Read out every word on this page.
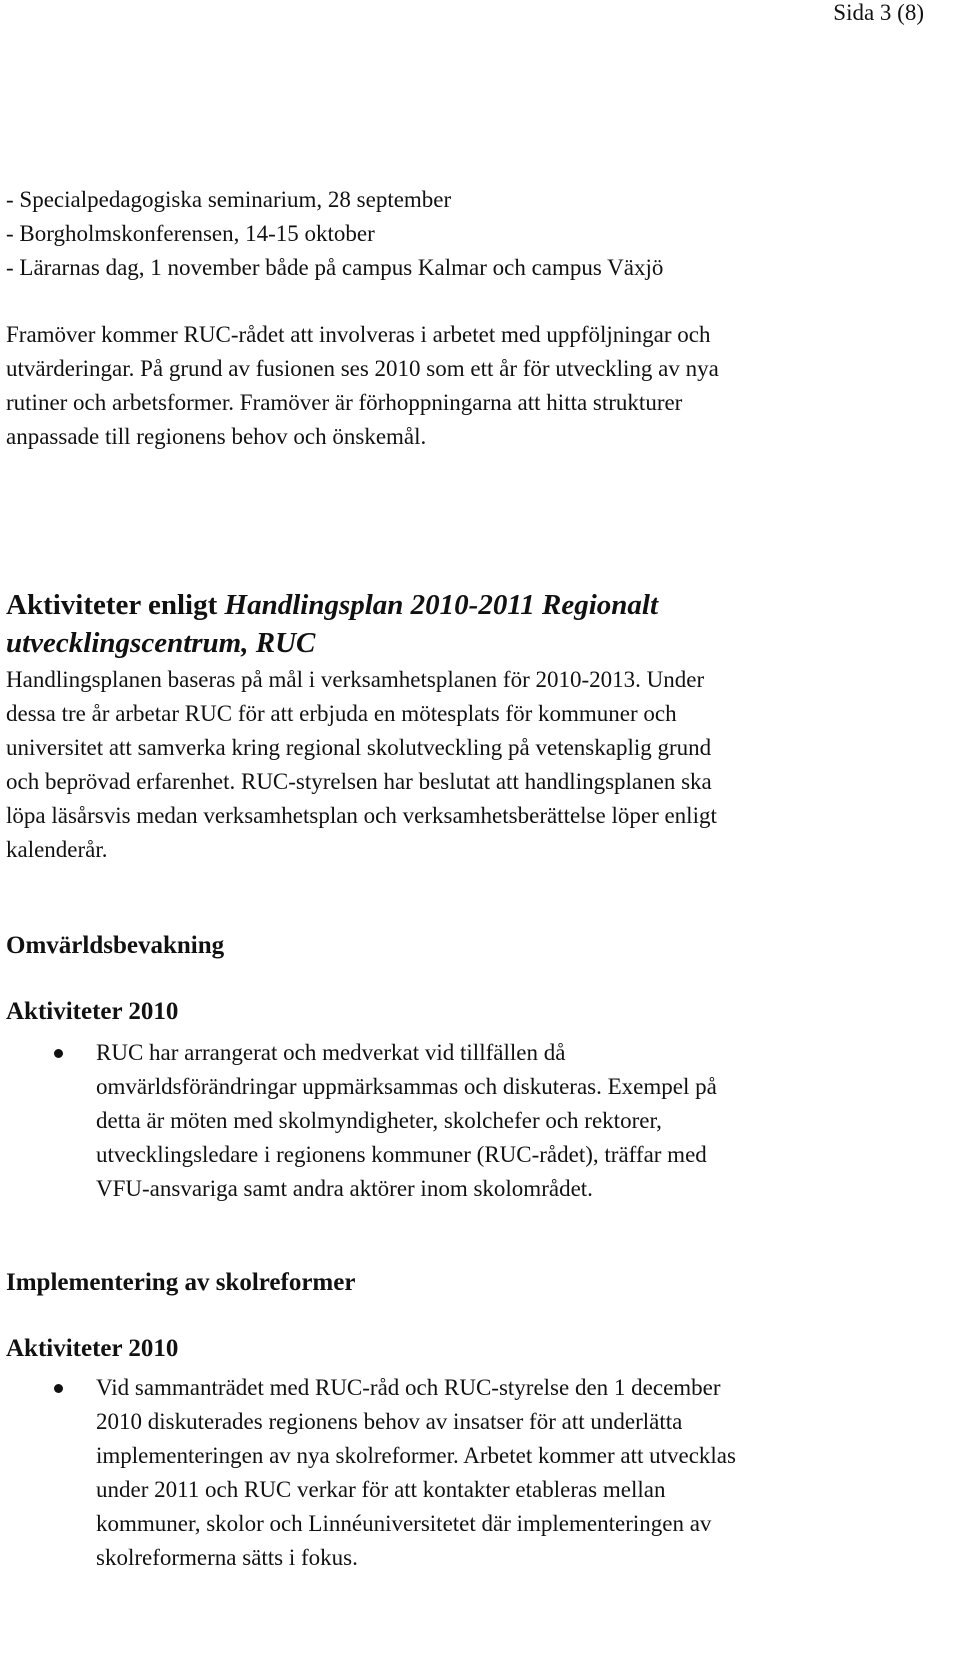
Sida 3 (8)
- Specialpedagogiska seminarium, 28 september
- Borgholmskonferensen, 14-15 oktober
- Lärarnas dag, 1 november både på campus Kalmar och campus Växjö
Framöver kommer RUC-rådet att involveras i arbetet med uppföljningar och
utvärderingar. På grund av fusionen ses 2010 som ett år för utveckling av nya
rutiner och arbetsformer. Framöver är förhoppningarna att hitta strukturer
anpassade till regionens behov och önskemål.
Aktiviteter enligt Handlingsplan 2010-2011 Regionalt
utvecklingscentrum, RUC
Handlingsplanen baseras på mål i verksamhetsplanen för 2010-2013. Under
dessa tre år arbetar RUC för att erbjuda en mötesplats för kommuner och
universitet att samverka kring regional skolutveckling på vetenskaplig grund
och beprövad erfarenhet. RUC-styrelsen har beslutat att handlingsplanen ska
löpa läsårsvis medan verksamhetsplan och verksamhetsberättelse löper enligt
kalenderår.
Omvärldsbevakning
Aktiviteter 2010
RUC har arrangerat och medverkat vid tillfällen då
omvärldsförändringar uppmärksammas och diskuteras. Exempel på
detta är möten med skolmyndigheter, skolchefer och rektorer,
utvecklingsledare i regionens kommuner (RUC-rådet), träffar med
VFU-ansvariga samt andra aktörer inom skolområdet.
Implementering av skolreformer
Aktiviteter 2010
Vid sammanträdet med RUC-råd och RUC-styrelse den 1 december
2010 diskuterades regionens behov av insatser för att underlätta
implementeringen av nya skolreformer. Arbetet kommer att utvecklas
under 2011 och RUC verkar för att kontakter etableras mellan
kommuner, skolor och Linnéuniversitetet där implementeringen av
skolreformerna sätts i fokus.
